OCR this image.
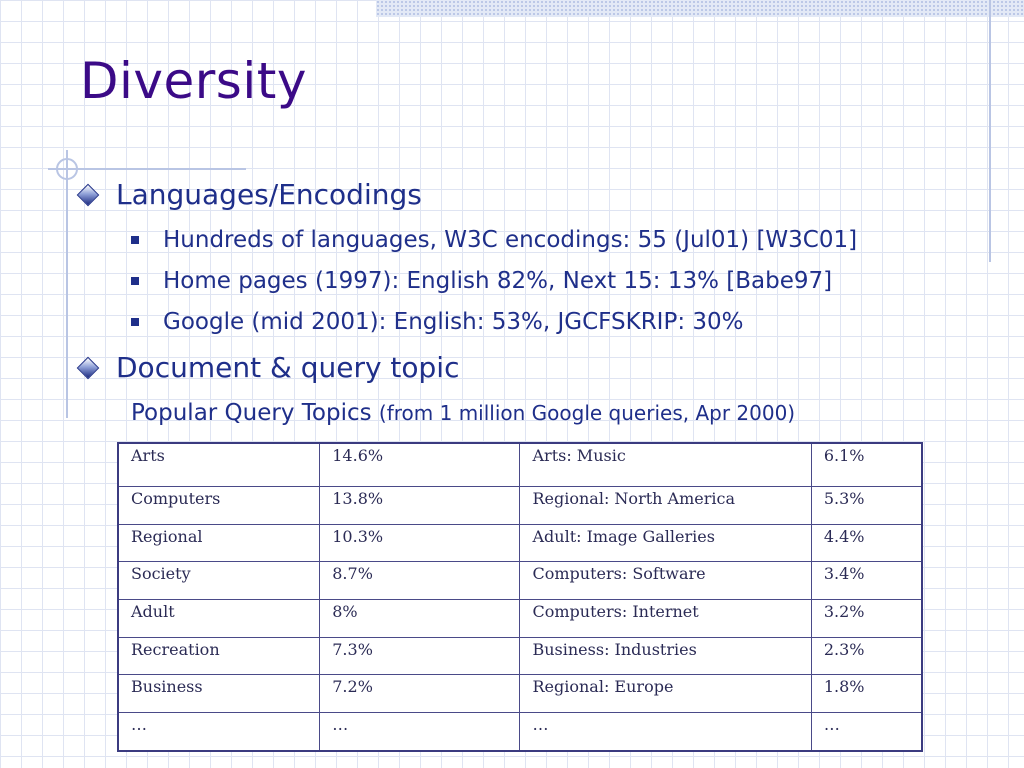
Diversity
Languages/Encodings
Hundreds of languages, W3C encodings: 55 (Jul01) [W3C01]
Home pages (1997): English 82%, Next 15: 13% [Babe97]
Google (mid 2001): English: 53%, JGCFSKRIP: 30%
Document & query topic
Popular Query Topics (from 1 million Google queries, Apr 2000)
Arts	14.6%	Arts: Music	6.1%
Computers	13.8%	Regional: North America	5.3%
Regional	10.3%	Adult: Image Galleries	4.4%
Society	8.7%	Computers: Software	3.4%
Adult	8%	Computers: Internet	3.2%
Recreation	7.3%	Business: Industries	2.3%
Business	7.2%	Regional: Europe	1.8%
…	…	…	…
